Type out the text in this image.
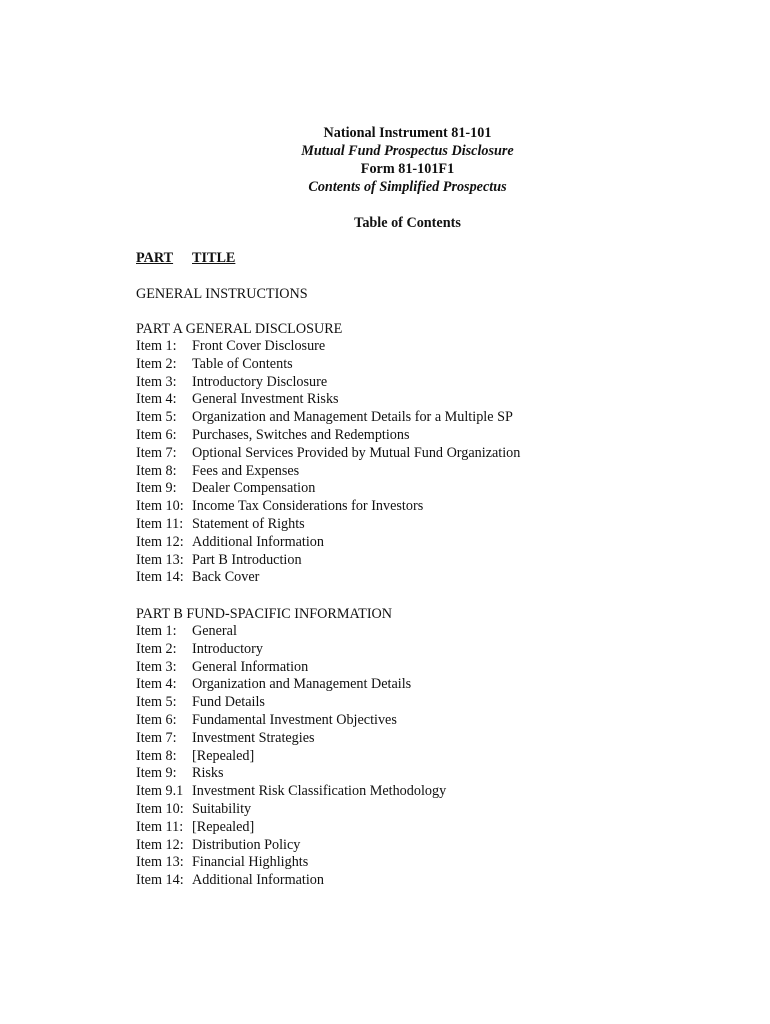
National Instrument 81-101
Mutual Fund Prospectus Disclosure
Form 81-101F1
Contents of Simplified Prospectus
Table of Contents
PART TITLE
GENERAL INSTRUCTIONS
PART A GENERAL DISCLOSURE
Item 1:	Front Cover Disclosure
Item 2:	Table of Contents
Item 3:	Introductory Disclosure
Item 4:	General Investment Risks
Item 5:	Organization and Management Details for a Multiple SP
Item 6:	Purchases, Switches and Redemptions
Item 7:	Optional Services Provided by Mutual Fund Organization
Item 8:	Fees and Expenses
Item 9:	Dealer Compensation
Item 10: Income Tax Considerations for Investors
Item 11: Statement of Rights
Item 12: Additional Information
Item 13: Part B Introduction
Item 14: Back Cover
PART B FUND-SPACIFIC INFORMATION
Item 1:	General
Item 2:	Introductory
Item 3:	General Information
Item 4:	Organization and Management Details
Item 5:	Fund Details
Item 6:	Fundamental Investment Objectives
Item 7:	Investment Strategies
Item 8:	[Repealed]
Item 9:	Risks
Item 9.1 Investment Risk Classification Methodology
Item 10: Suitability
Item 11: [Repealed]
Item 12: Distribution Policy
Item 13: Financial Highlights
Item 14: Additional Information
